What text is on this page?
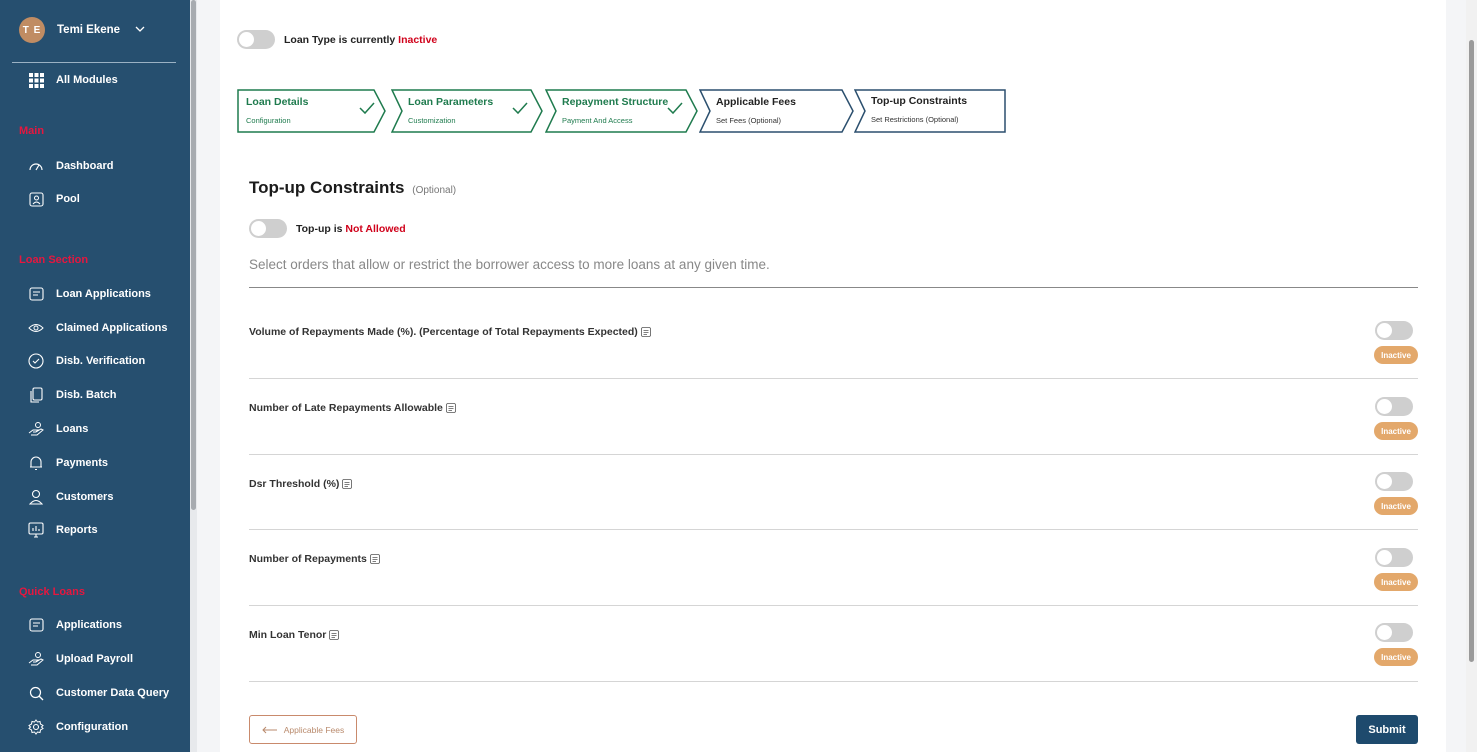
T E	Temi Ekene
All Modules
Main
Dashboard
Pool
Loan Section
Loan Applications
Claimed Applications
Disb. Verification
Disb. Batch
Loans
Payments
Customers
Reports
Quick Loans
Applications
Upload Payroll
Customer Data Query
Configuration
Loan Type is currently Inactive
Loan Details
Configuration
Loan Parameters
Customization
Repayment Structure
Payment And Access
Applicable Fees
Set Fees (Optional)
Top-up Constraints
Set Restrictions (Optional)
Top-up Constraints (Optional)
Top-up is Not Allowed
Select orders that allow or restrict the borrower access to more loans at any given time.
Volume of Repayments Made (%). (Percentage of Total Repayments Expected)
Inactive
Number of Late Repayments Allowable
Inactive
Dsr Threshold (%)
Inactive
Number of Repayments
Inactive
Min Loan Tenor
Inactive
Applicable Fees	Submit
